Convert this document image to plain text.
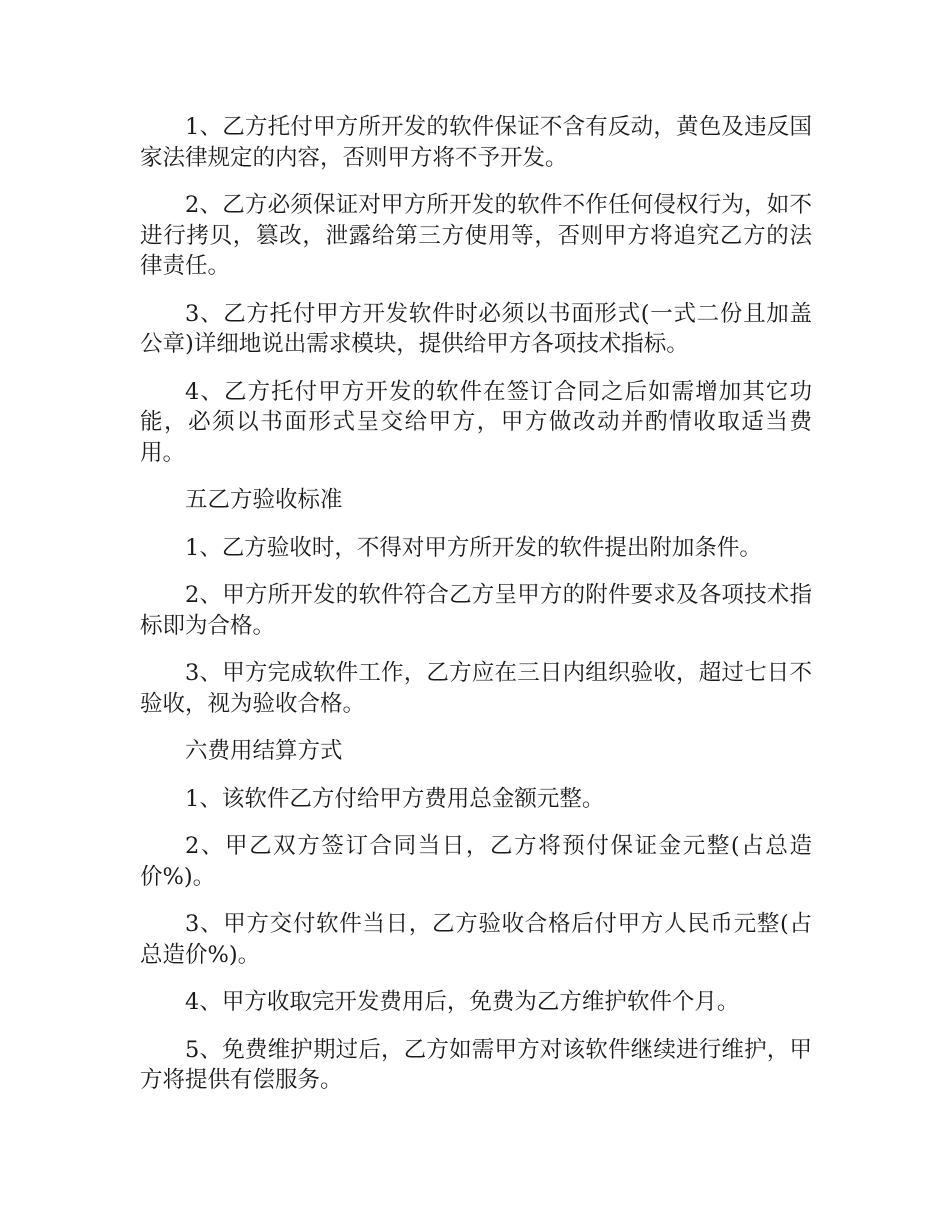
1、乙方托付甲方所开发的软件保证不含有反动，黄色及违反国家法律规定的内容，否则甲方将不予开发。

2、乙方必须保证对甲方所开发的软件不作任何侵权行为，如不进行拷贝，篡改，泄露给第三方使用等，否则甲方将追究乙方的法律责任。

3、乙方托付甲方开发软件时必须以书面形式(一式二份且加盖公章)详细地说出需求模块，提供给甲方各项技术指标。

4、乙方托付甲方开发的软件在签订合同之后如需增加其它功能，必须以书面形式呈交给甲方，甲方做改动并酌情收取适当费用。

五乙方验收标准

1、乙方验收时，不得对甲方所开发的软件提出附加条件。

2、甲方所开发的软件符合乙方呈甲方的附件要求及各项技术指标即为合格。

3、甲方完成软件工作，乙方应在三日内组织验收，超过七日不验收，视为验收合格。

六费用结算方式

1、该软件乙方付给甲方费用总金额元整。

2、甲乙双方签订合同当日，乙方将预付保证金元整(占总造价%)。

3、甲方交付软件当日，乙方验收合格后付甲方人民币元整(占总造价%)。

4、甲方收取完开发费用后，免费为乙方维护软件个月。

5、免费维护期过后，乙方如需甲方对该软件继续进行维护，甲方将提供有偿服务。
